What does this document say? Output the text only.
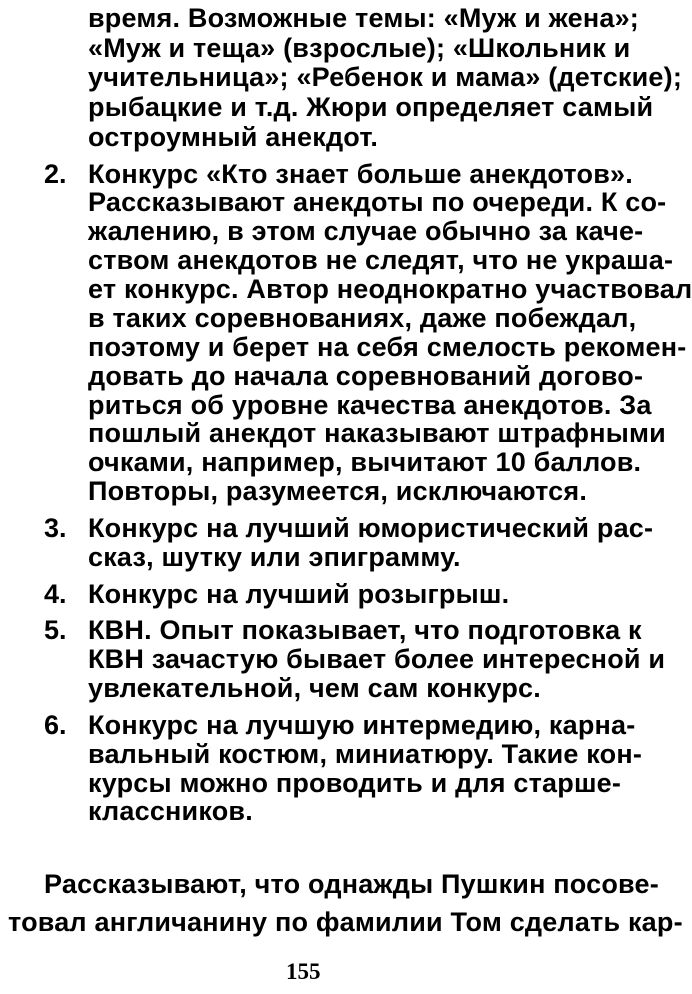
время. Возможные темы: «Муж и жена»;
«Муж и теща» (взрослые); «Школьник и
учительница»; «Ребенок и мама» (детские);
рыбацкие и т.д. Жюри определяет самый
остроумный анекдот.
2. Конкурс «Кто знает больше анекдотов».
Рассказывают анекдоты по очереди. К со-
жалению, в этом случае обычно за каче-
ством анекдотов не следят, что не украша-
ет конкурс. Автор неоднократно участвовал
в таких соревнованиях, даже побеждал,
поэтому и берет на себя смелость рекомен-
довать до начала соревнований догово-
риться об уровне качества анекдотов. За
пошлый анекдот наказывают штрафными
очками, например, вычитают 10 баллов.
Повторы, разумеется, исключаются.
3. Конкурс на лучший юмористический рас-
сказ, шутку или эпиграмму.
4. Конкурс на лучший розыгрыш.
5. КВН. Опыт показывает, что подготовка к
КВН зачастую бывает более интересной и
увлекательной, чем сам конкурс.
6. Конкурс на лучшую интермедию, карна-
вальный костюм, миниатюру. Такие кон-
курсы можно проводить и для старше-
классников.
155
Рассказывают, что однажды Пушкин посове-
товал англичанину по фамилии Том сделать кар-
